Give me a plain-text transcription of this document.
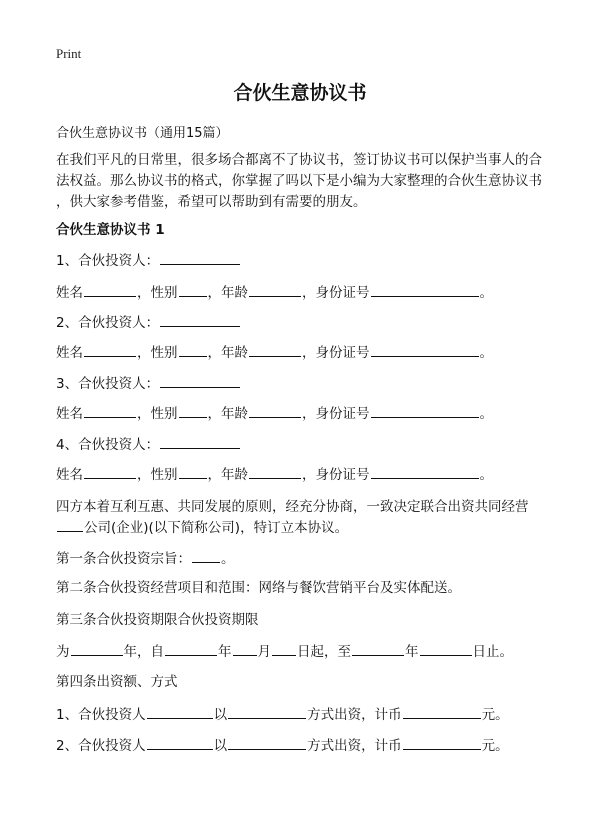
Print
合伙生意协议书
合伙生意协议书（通用15篇）
在我们平凡的日常里，很多场合都离不了协议书，签订协议书可以保护当事人的合
法权益。那么协议书的格式，你掌握了吗以下是小编为大家整理的合伙生意协议书
，供大家参考借鉴，希望可以帮助到有需要的朋友。
合伙生意协议书 1
1、合伙投资人：
姓名	，性别 ，年龄	，身份证号	。
2、合伙投资人：
姓名	，性别 ，年龄	，身份证号	。
3、合伙投资人：
姓名	，性别 ，年龄	，身份证号	。
4、合伙投资人：
姓名	，性别 ，年龄	，身份证号	。
四方本着互利互惠、共同发展的原则，经充分协商，一致决定联合出资共同经营
公司(企业)(以下简称公司)，特订立本协议。
第一条合伙投资宗旨： 。
第二条合伙投资经营项目和范围：网络与餐饮营销平台及实体配送。
第三条合伙投资期限合伙投资期限
为	年，自	年 月 日起，至	年	日止。
第四条出资额、方式
1、合伙投资人	以	方式出资，计币	元。
2、合伙投资人	以	方式出资，计币	元。
